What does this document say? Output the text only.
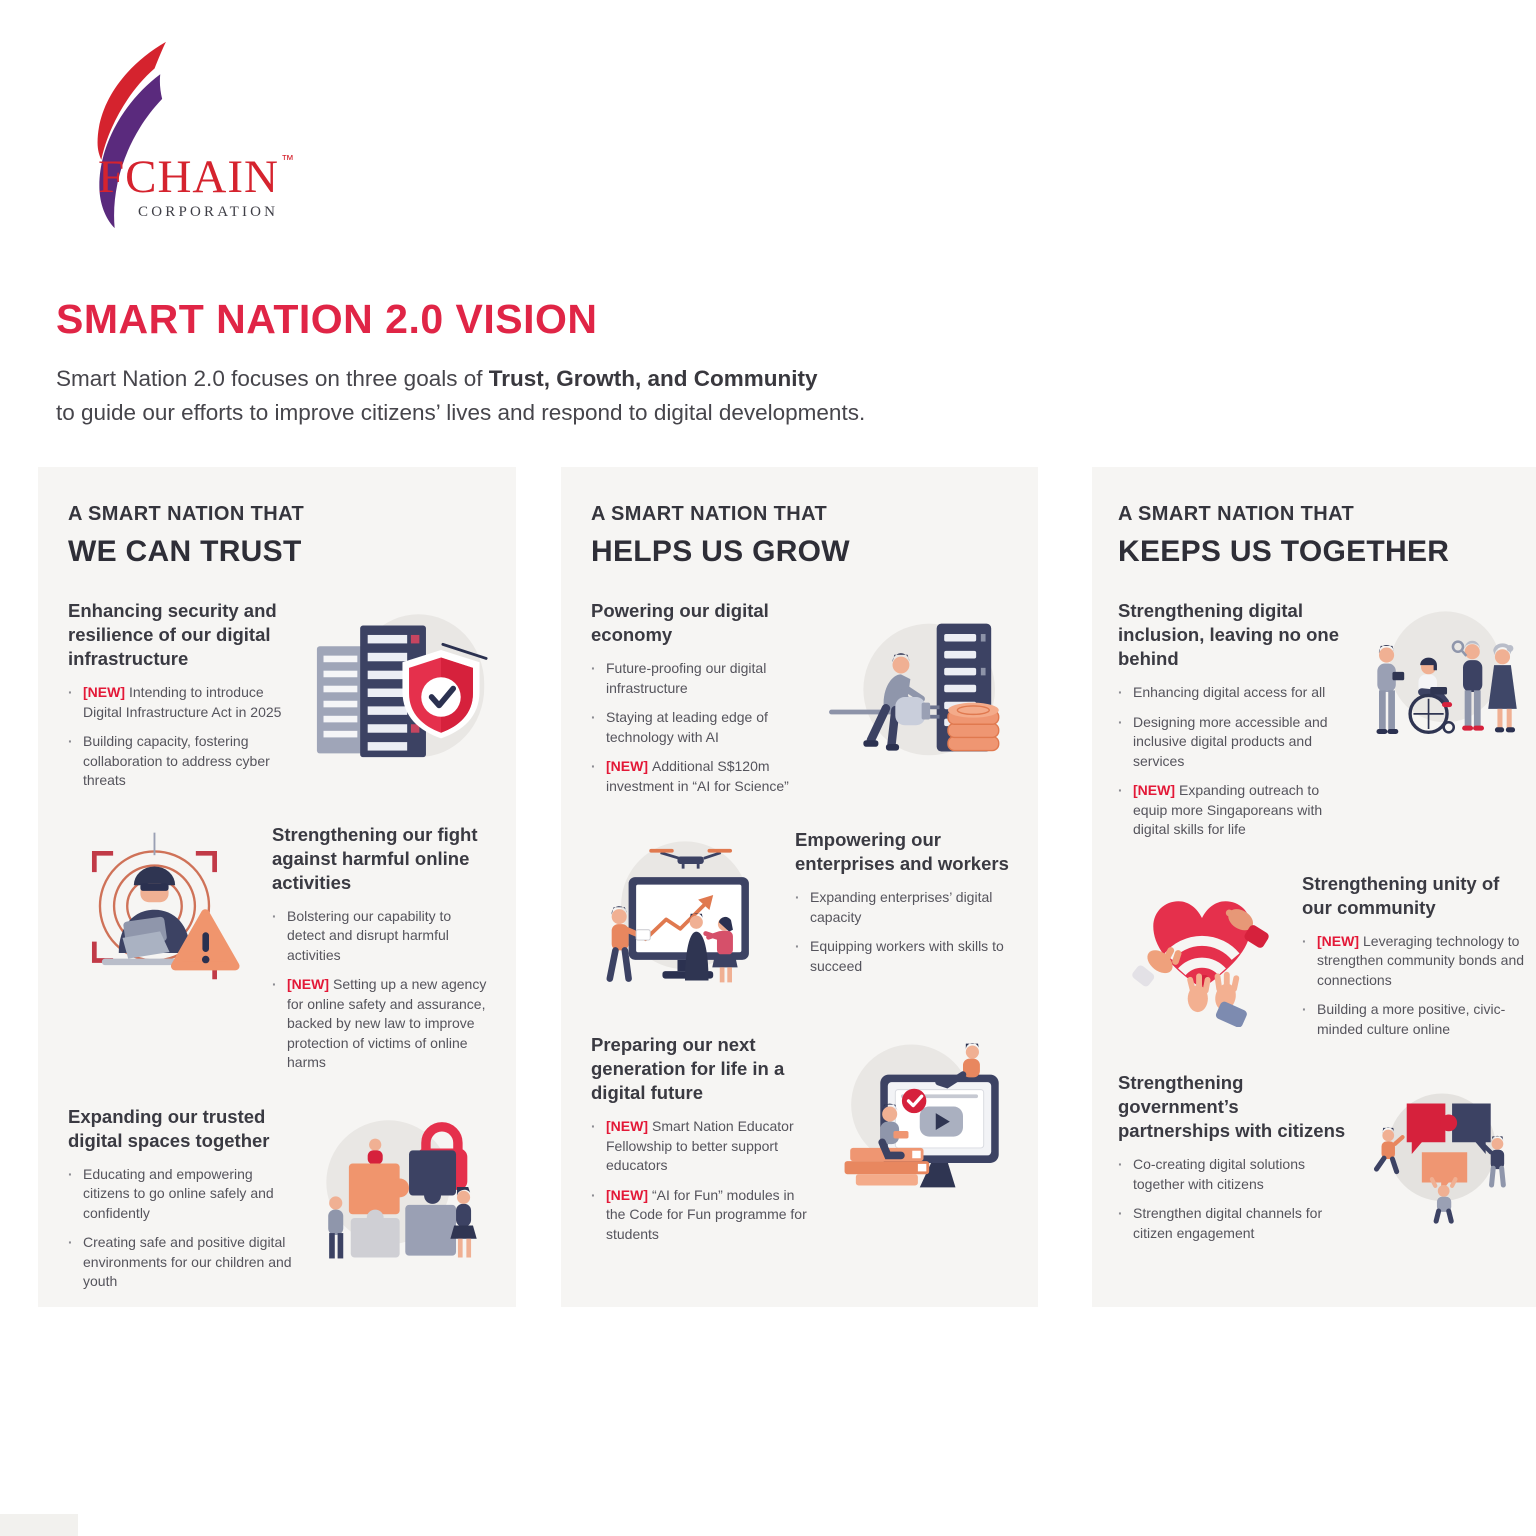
FCHAIN ™
CORPORATION
SMART NATION 2.0 VISION

Smart Nation 2.0 focuses on three goals of Trust, Growth, and Community
to guide our efforts to improve citizens’ lives and respond to digital developments.

A SMART NATION THAT
WE CAN TRUST
Enhancing security and resilience of our digital infrastructure
· [NEW] Intending to introduce Digital Infrastructure Act in 2025
· Building capacity, fostering collaboration to address cyber threats
Strengthening our fight against harmful online activities
· Bolstering our capability to detect and disrupt harmful activities
· [NEW] Setting up a new agency for online safety and assurance, backed by new law to improve protection of victims of online harms
Expanding our trusted digital spaces together
· Educating and empowering citizens to go online safely and confidently
· Creating safe and positive digital environments for our children and youth
A SMART NATION THAT
HELPS US GROW
Powering our digital economy
· Future-proofing our digital infrastructure
· Staying at leading edge of technology with AI
· [NEW] Additional S$120m investment in “AI for Science”
Empowering our enterprises and workers
· Expanding enterprises’ digital capacity
· Equipping workers with skills to succeed
Preparing our next generation for life in a digital future
· [NEW] Smart Nation Educator Fellowship to better support educators
· [NEW] “AI for Fun” modules in the Code for Fun programme for students
A SMART NATION THAT
KEEPS US TOGETHER
Strengthening digital inclusion, leaving no one behind
· Enhancing digital access for all
· Designing more accessible and inclusive digital products and services
· [NEW] Expanding outreach to equip more Singaporeans with digital skills for life
Strengthening unity of our community
· [NEW] Leveraging technology to strengthen community bonds and connections
· Building a more positive, civic-minded culture online
Strengthening government’s partnerships with citizens
· Co-creating digital solutions together with citizens
· Strengthen digital channels for citizen engagement
